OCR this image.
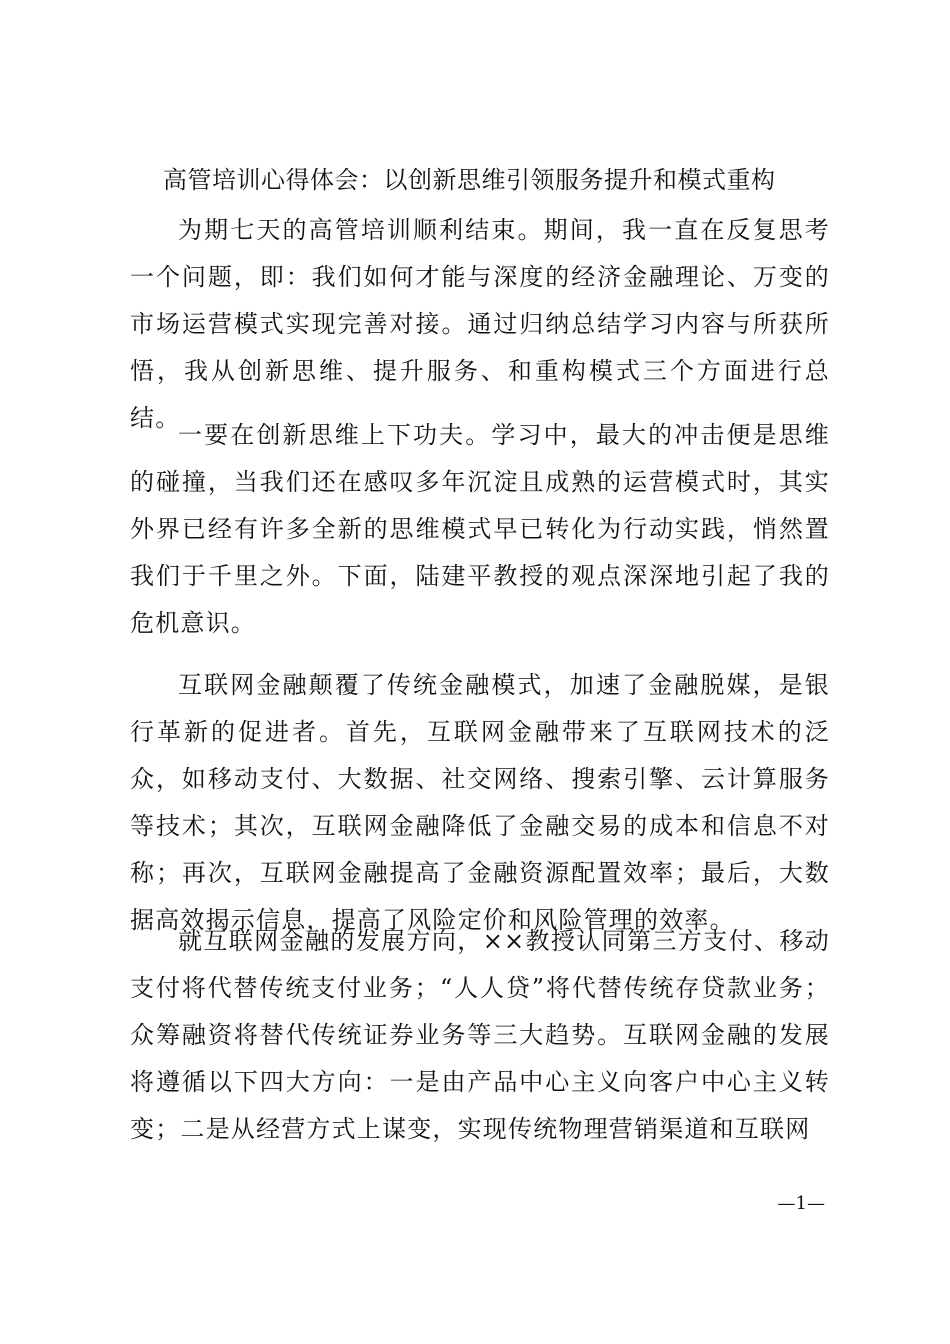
高管培训心得体会：以创新思维引领服务提升和模式重构

为期七天的高管培训顺利结束。期间，我一直在反复思考一个问题，即：我们如何才能与深度的经济金融理论、万变的市场运营模式实现完善对接。通过归纳总结学习内容与所获所悟，我从创新思维、提升服务、和重构模式三个方面进行总结。

一要在创新思维上下功夫。学习中，最大的冲击便是思维的碰撞，当我们还在感叹多年沉淀且成熟的运营模式时，其实外界已经有许多全新的思维模式早已转化为行动实践，悄然置我们于千里之外。下面，陆建平教授的观点深深地引起了我的危机意识。

互联网金融颠覆了传统金融模式，加速了金融脱媒，是银行革新的促进者。首先，互联网金融带来了互联网技术的泛众，如移动支付、大数据、社交网络、搜索引擎、云计算服务等技术；其次，互联网金融降低了金融交易的成本和信息不对称；再次，互联网金融提高了金融资源配置效率；最后，大数据高效揭示信息，提高了风险定价和风险管理的效率。

就互联网金融的发展方向，××教授认同第三方支付、移动支付将代替传统支付业务；“人人贷”将代替传统存贷款业务；众筹融资将替代传统证券业务等三大趋势。互联网金融的发展将遵循以下四大方向：一是由产品中心主义向客户中心主义转变；二是从经营方式上谋变，实现传统物理营销渠道和互联网

—1—
